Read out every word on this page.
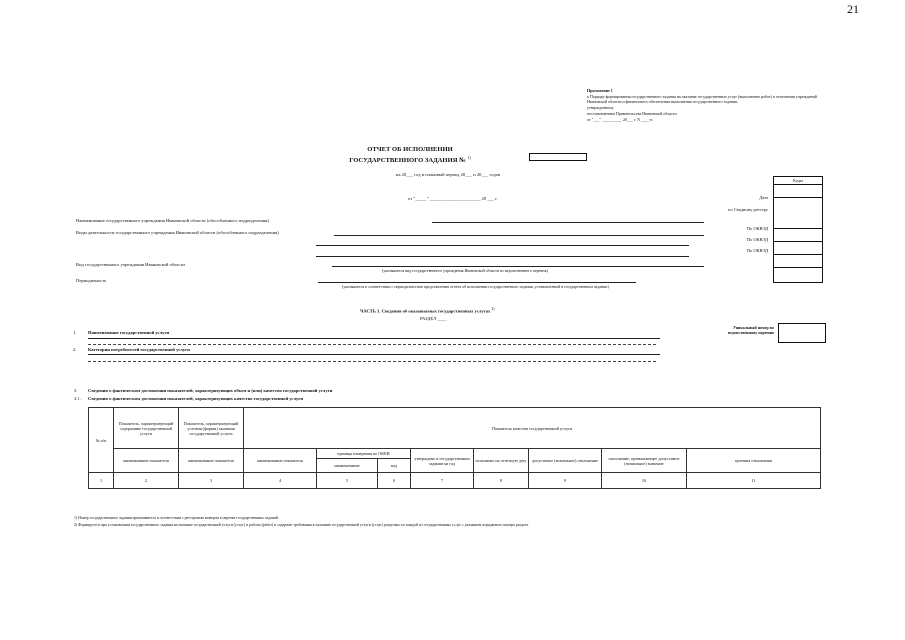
21
Приложение 1
к Порядку формирования государственного задания на оказание государственных услуг (выполнение работ) в отношении учреждений Ивановской области и финансового обеспечения выполнения государственного задания,
утвержденному
постановлением Правительства Ивановской области
от "___" __________ 20___ г. N ____-п
ОТЧЕТ ОБ ИСПОЛНЕНИИ
ГОСУДАРСТВЕННОГО ЗАДАНИЯ № $^{1)}$
на 20___ год и плановый период 20___ и 20___ годов
от "_____" ______________________ 20 ___ г.
Коды
Дата
по Сводному реестру
По ОКВЭД
По ОКВЭД
По ОКВЭД
Наименование государственного учреждения Ивановской области (обособленного подразделения)
Виды деятельности государственного учреждения Ивановской области (обособленного подразделения)
Вид государственного учреждения Ивановской области
(указывается вид государственного учреждения Ивановской области из ведомственного перечня)
Периодичность
(указывается в соответствии с периодичностью представления отчета об исполнении государственного задания, установленной в государственном задании)
ЧАСТЬ 1. Сведения об оказываемых государственных услугах $^{2)}$
РАЗДЕЛ ____
1.	Наименование государственной услуги
2.	Категории потребителей государственной услуги
Уникальный номер по ведомственному перечню
3. Сведения о фактическом достижении показателей, характеризующих объем и (или) качество государственной услуги
3.1. Сведения о фактическом достижении показателей, характеризующих качество государственной услуги
№ п/п	Показатель, характеризующий содержание государственной услуги	Показатель, характеризующий условия (формы) оказания государственной услуги	Показатель качества государственной услуги							
	наименование показателя	наименование показателя	наименование показателя	единица измерения по ОКЕИ		утверждено в государственном задании на год	исполнено на отчетную дату	допустимое (возможное) отклонение	отклонение, превышающее допустимое (возможное) значение	причина отклонения
				наименование	код					
1	2	3	4	5	6	7	8	9	10	11
1) Номер государственного задания присваивается в соответствии с реестровым номером в перечне государственных заданий.
2) Формируется при установлении государственного задания на оказание государственной услуги (услуг) и работы (работ) и содержит требования к оказанию государственной услуги (услуг) раздельно по каждой из государственных услуг с указанием порядкового номера раздела.
